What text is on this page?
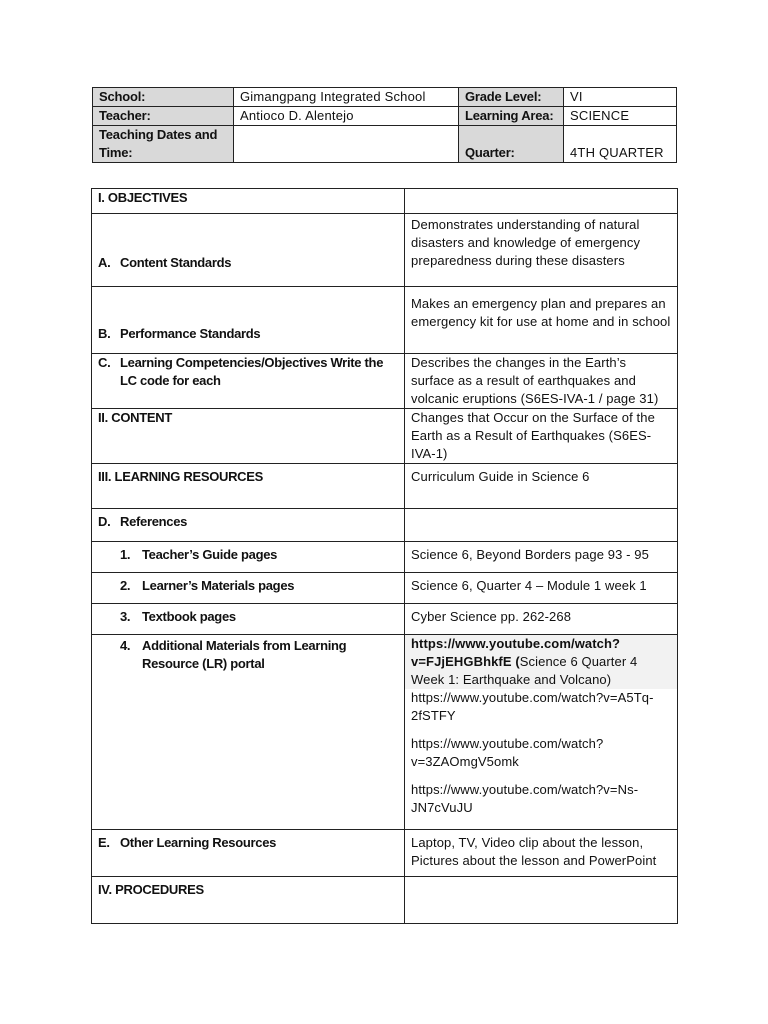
School:	Gimangpang Integrated School	Grade Level:	VI
Teacher:	Antioco D. Alentejo	Learning Area:	SCIENCE
Teaching Dates and Time:		Quarter:	4TH QUARTER
I. OBJECTIVES	
A. Content Standards	Demonstrates understanding of natural disasters and knowledge of emergency preparedness during these disasters
B. Performance Standards	Makes an emergency plan and prepares an emergency kit for use at home and in school

C. Learning Competencies/Objectives Write the LC code for each	Describes the changes in the Earth’s surface as a result of earthquakes and volcanic eruptions (S6ES-IVA-1 / page 31)
II. CONTENT	Changes that Occur on the Surface of the Earth as a Result of Earthquakes (S6ES-IVA-1)
III. LEARNING RESOURCES	Curriculum Guide in Science 6
D. References	
1. Teacher’s Guide pages	Science 6, Beyond Borders page 93 - 95
2. Learner’s Materials pages	Science 6, Quarter 4 – Module 1 week 1
3. Textbook pages	Cyber Science pp. 262-268

4. Additional Materials from Learning Resource (LR) portal	https://www.youtube.com/watch?v=FJjEHGBhkfE (Science 6 Quarter 4 Week 1: Earthquake and Volcano)
https://www.youtube.com/watch?v=A5Tq-2fSTFY
https://www.youtube.com/watch?v=3ZAOmgV5omk
https://www.youtube.com/watch?v=Ns-JN7cVuJU

E. Other Learning Resources	Laptop, TV, Video clip about the lesson, Pictures about the lesson and PowerPoint
IV. PROCEDURES	
